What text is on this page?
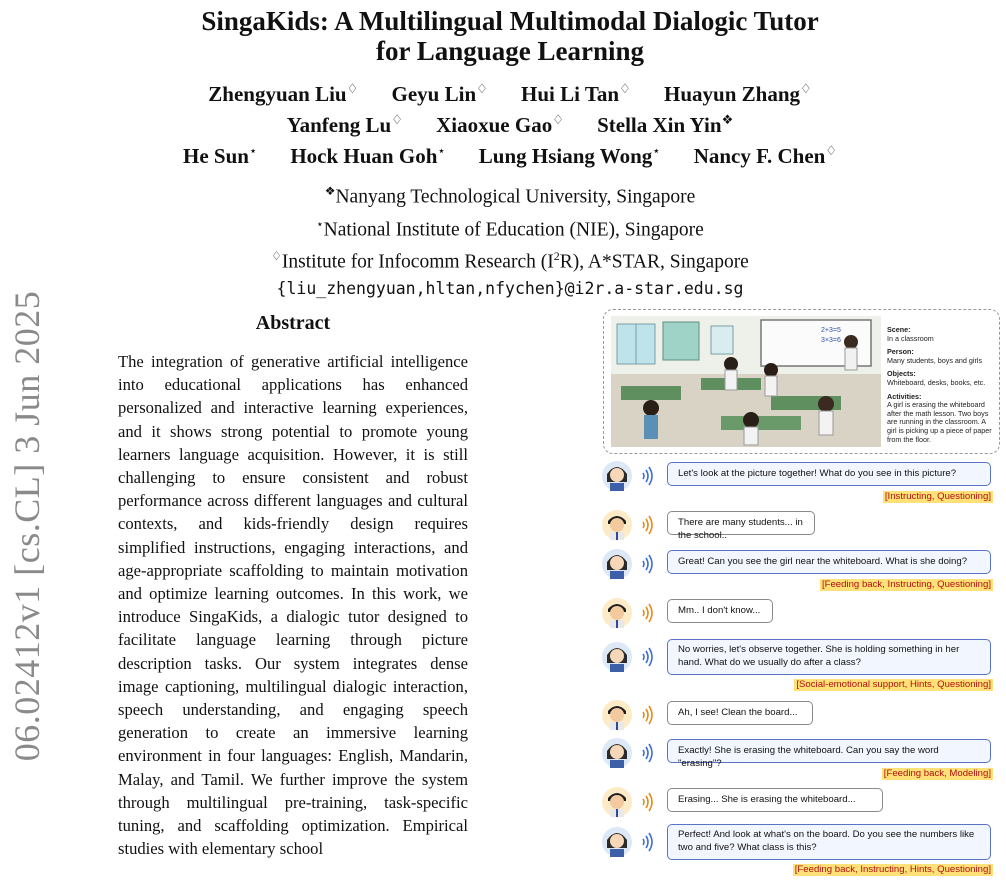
06.02412v1 [cs.CL] 3 Jun 2025
SingaKids: A Multilingual Multimodal Dialogic Tutor
for Language Learning
Zhengyuan Liu♢ Geyu Lin♢ Hui Li Tan♢ Huayun Zhang♢
Yanfeng Lu♢ Xiaoxue Gao♢ Stella Xin Yin❖
He Sun⋆ Hock Huan Goh⋆ Lung Hsiang Wong⋆ Nancy F. Chen♢
❖Nanyang Technological University, Singapore
⋆National Institute of Education (NIE), Singapore
♢Institute for Infocomm Research $(I^2R)$, A*STAR, Singapore
{liu_zhengyuan,hltan,nfychen}@i2r.a-star.edu.sg
Abstract
The integration of generative artificial intelligence into educational applications has enhanced personalized and interactive learning experiences, and it shows strong potential to promote young learners language acquisition. However, it is still challenging to ensure consistent and robust performance across different languages and cultural contexts, and kids-friendly design requires simplified instructions, engaging interactions, and age-appropriate scaffolding to maintain motivation and optimize learning outcomes. In this work, we introduce SingaKids, a dialogic tutor designed to facilitate language learning through picture description tasks. Our system integrates dense image captioning, multilingual dialogic interaction, speech understanding, and engaging speech generation to create an immersive learning environment in four languages: English, Mandarin, Malay, and Tamil. We further improve the system through multilingual pre-training, task-specific tuning, and scaffolding optimization. Empirical studies with elementary school
2+3=5
3×3=6
Scene:
In a classroom
Person:
Many students, boys and girls
Objects:
Whiteboard, desks, books, etc.
Activities:
A girl is erasing the whiteboard after the math lesson. Two boys are running in the classroom. A girl is picking up a piece of paper from the floor.
Let's look at the picture together! What do you see in this picture?
[Instructing, Questioning]
There are many students... in the school..
Great! Can you see the girl near the whiteboard. What is she doing?
[Feeding back, Instructing, Questioning]
Mm.. I don't know...
No worries, let's observe together. She is holding something in her hand. What do we usually do after a class?
[Social-emotional support, Hints, Questioning]
Ah, I see! Clean the board...
Exactly! She is erasing the whiteboard. Can you say the word "erasing"?
[Feeding back, Modeling]
Erasing... She is erasing the whiteboard...
Perfect! And look at what's on the board. Do you see the numbers like two and five? What class is this?
[Feeding back, Instructing, Hints, Questioning]
